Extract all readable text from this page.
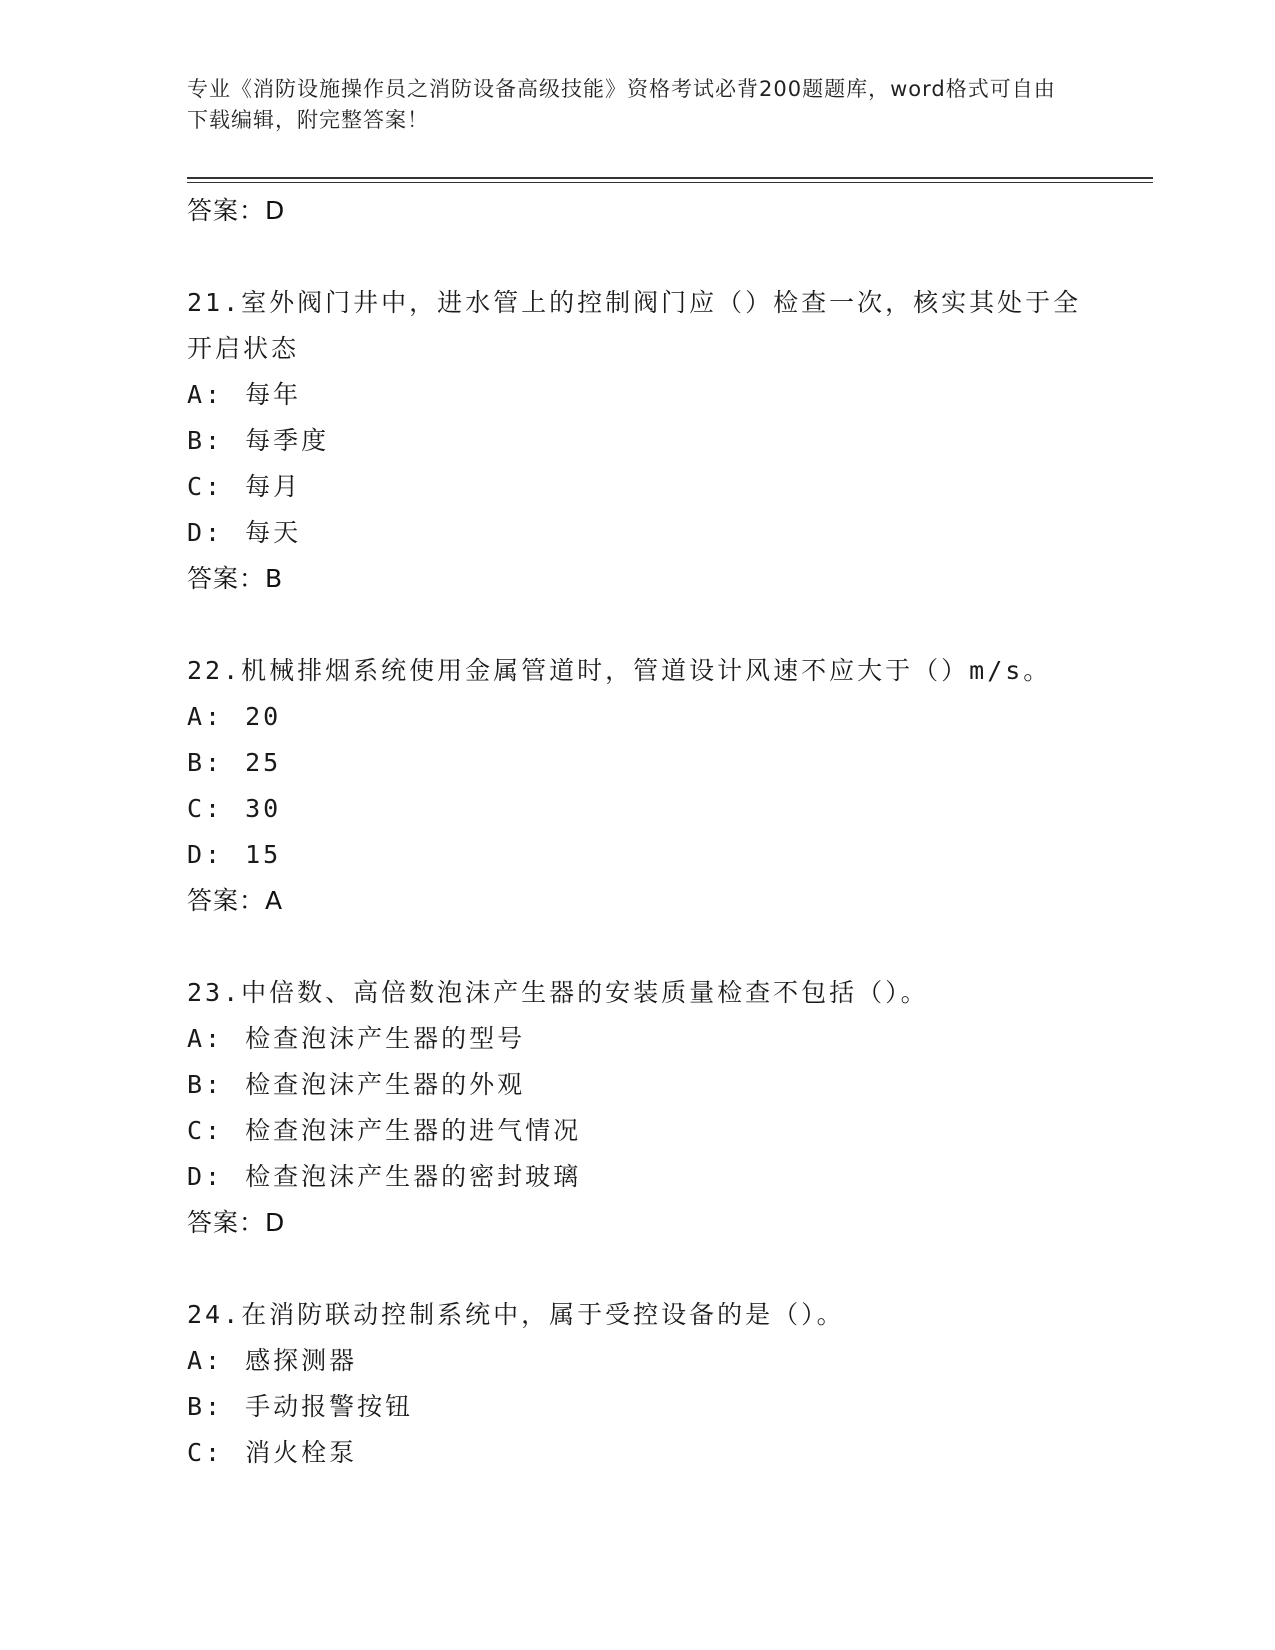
专业《消防设施操作员之消防设备高级技能》资格考试必背200题题库，word格式可自由下载编辑，附完整答案！
答案：D
21.室外阀门井中，进水管上的控制阀门应（）检查一次，核实其处于全开启状态
A: 每年
B: 每季度
C: 每月
D: 每天
答案：B
22.机械排烟系统使用金属管道时，管道设计风速不应大于（）m/s。
A: 20
B: 25
C: 30
D: 15
答案：A
23.中倍数、高倍数泡沫产生器的安装质量检查不包括（）。
A: 检查泡沫产生器的型号
B: 检查泡沫产生器的外观
C: 检查泡沫产生器的进气情况
D: 检查泡沫产生器的密封玻璃
答案：D
24.在消防联动控制系统中，属于受控设备的是（）。
A: 感探测器
B: 手动报警按钮
C: 消火栓泵
